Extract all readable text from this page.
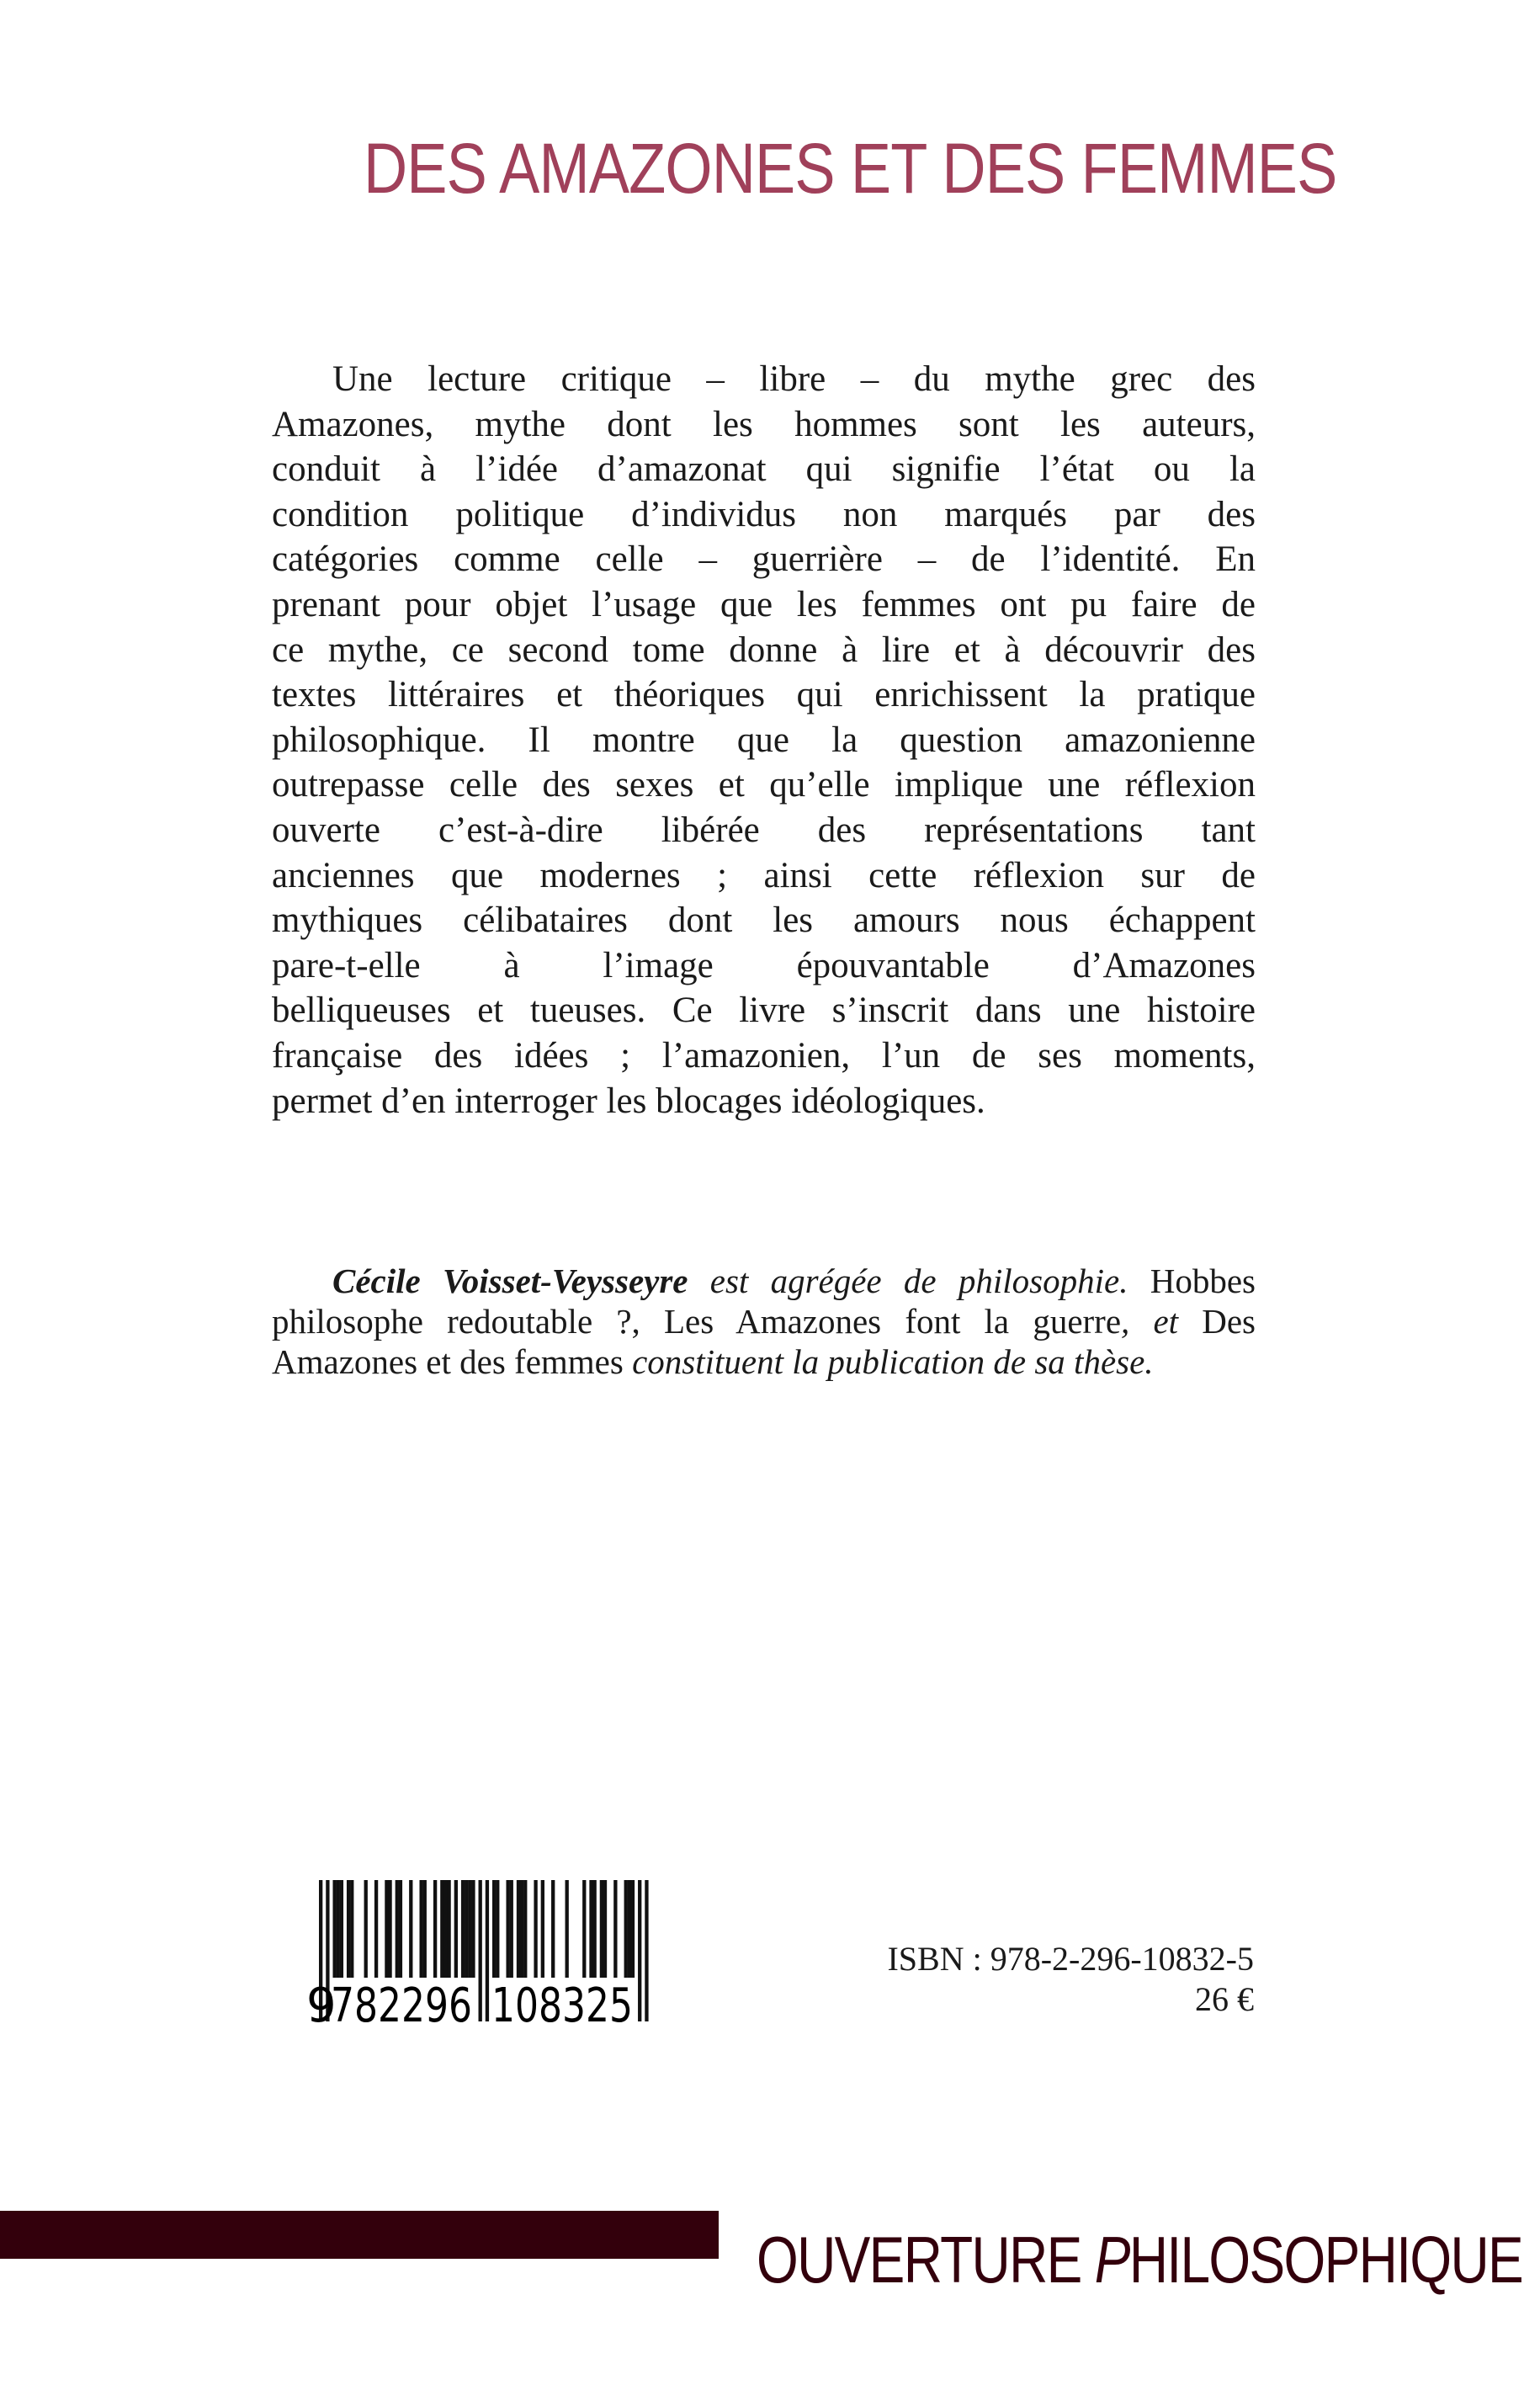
DES AMAZONES ET DES FEMMES
Une lecture critique – libre – du mythe grec des
Amazones, mythe dont les hommes sont les auteurs,
conduit à l’idée d’amazonat qui signifie l’état ou la
condition politique d’individus non marqués par des
catégories comme celle – guerrière – de l’identité. En
prenant pour objet l’usage que les femmes ont pu faire de
ce mythe, ce second tome donne à lire et à découvrir des
textes littéraires et théoriques qui enrichissent la pratique
philosophique. Il montre que la question amazonienne
outrepasse celle des sexes et qu’elle implique une réflexion
ouverte c’est-à-dire libérée des représentations tant
anciennes que modernes ; ainsi cette réflexion sur de
mythiques célibataires dont les amours nous échappent
pare-t-elle à l’image épouvantable d’Amazones
belliqueuses et tueuses. Ce livre s’inscrit dans une histoire
française des idées ; l’amazonien, l’un de ses moments,
permet d’en interroger les blocages idéologiques.
Cécile Voisset-Veysseyre est agrégée de philosophie. Hobbes philosophe redoutable ?, Les Amazones font la guerre, et Des Amazones et des femmes constituent la publication de sa thèse.
9
782296 108325
ISBN : 978-2-296-10832-5
26 €
OUVERTURE PHILOSOPHIQUE
